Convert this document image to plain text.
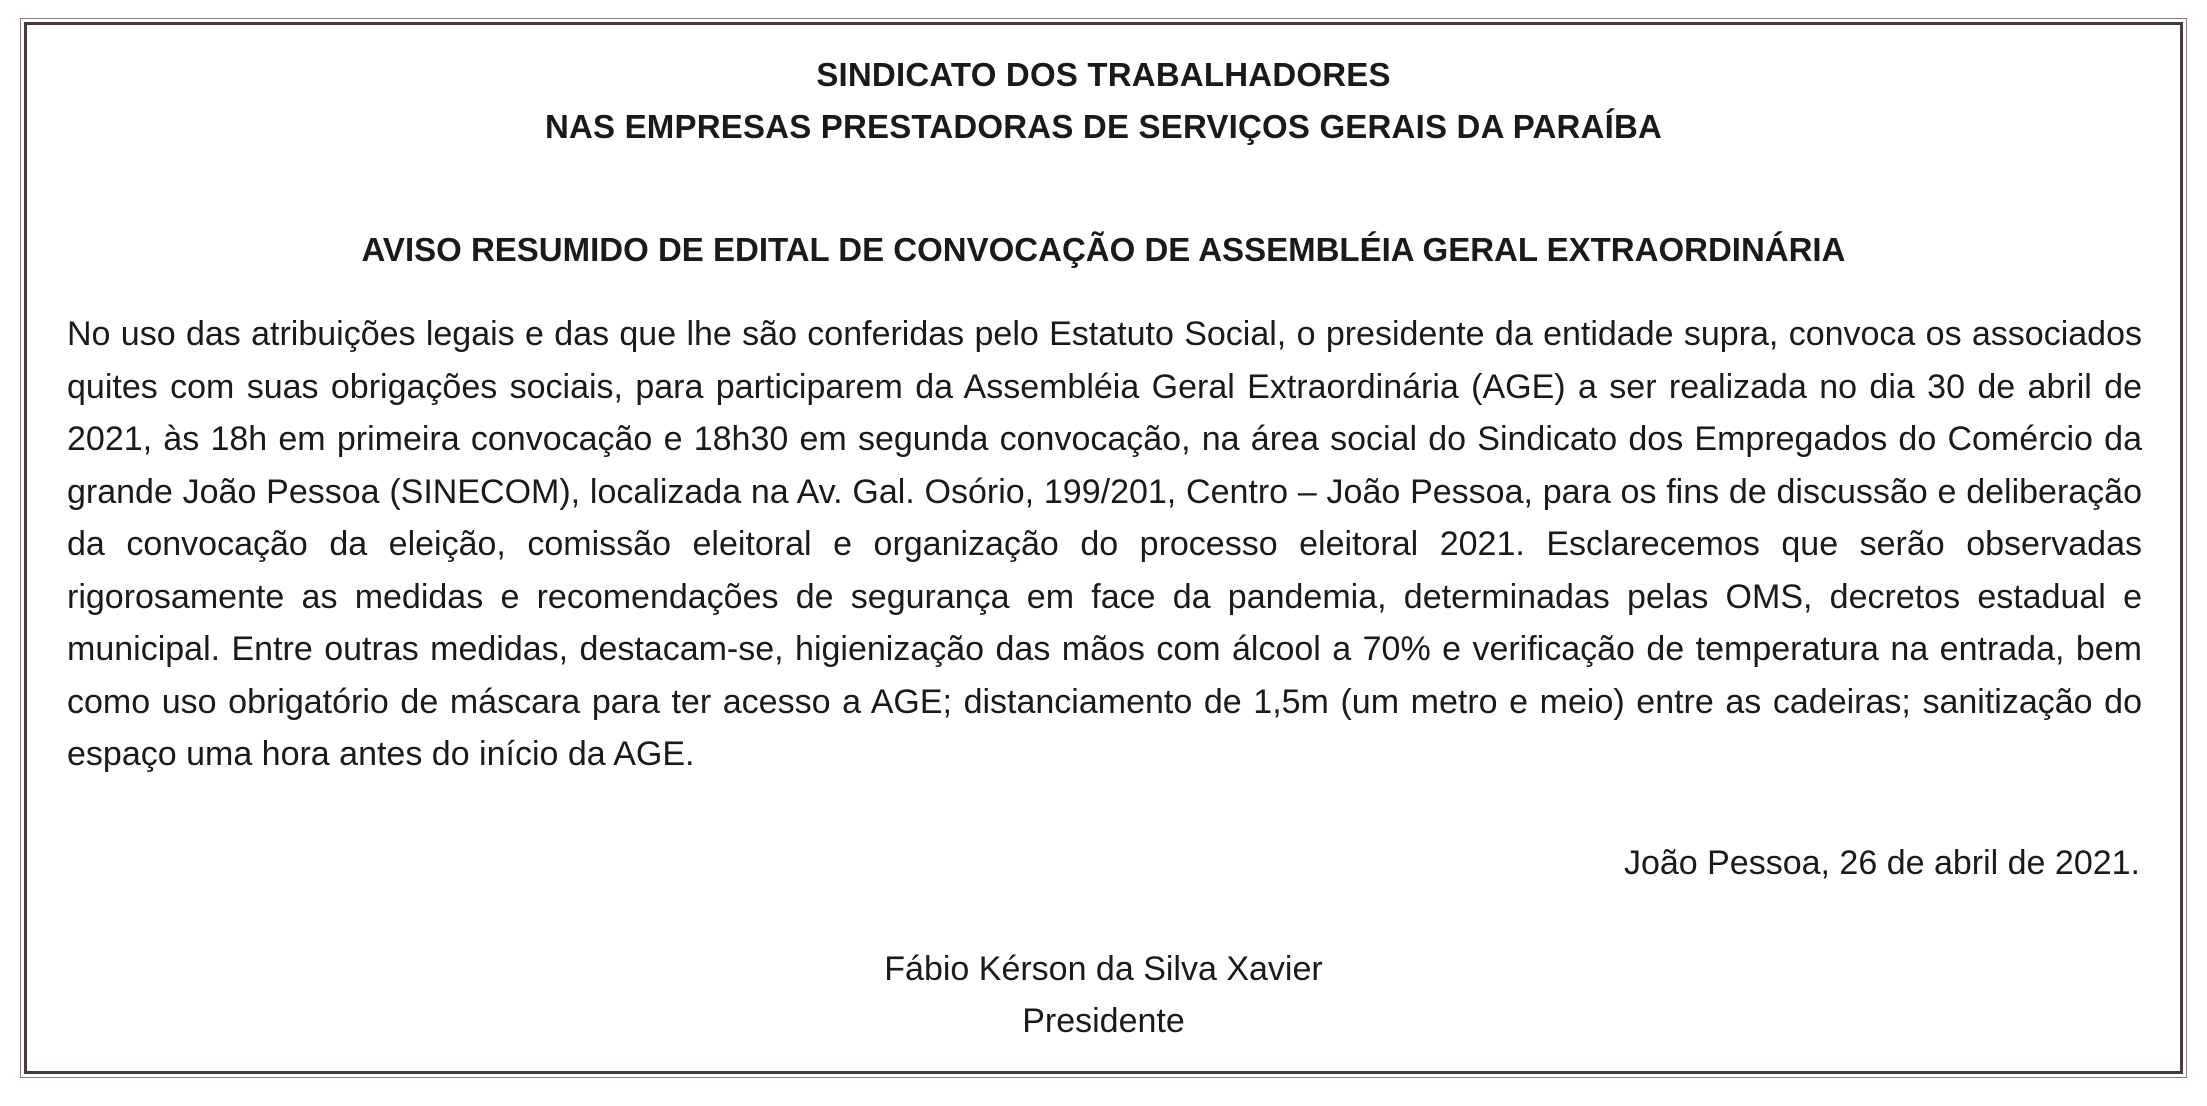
SINDICATO DOS TRABALHADORES
NAS EMPRESAS PRESTADORAS DE SERVIÇOS GERAIS DA PARAÍBA
AVISO RESUMIDO DE EDITAL DE CONVOCAÇÃO DE ASSEMBLÉIA GERAL EXTRAORDINÁRIA

No uso das atribuições legais e das que lhe são conferidas pelo Estatuto Social, o presidente da entidade supra, convoca os associados quites com suas obrigações sociais, para participarem da Assembléia Geral Extraordinária (AGE) a ser realizada no dia 30 de abril de 2021, às 18h em primeira convocação e 18h30 em segunda convocação, na área social do Sindicato dos Empregados do Comércio da grande João Pessoa (SINECOM), localizada na Av. Gal. Osório, 199/201, Centro – João Pessoa, para os fins de discussão e deliberação da convocação da eleição, comissão eleitoral e organização do processo eleitoral 2021. Esclarecemos que serão observadas rigorosamente as medidas e recomendações de segurança em face da pandemia, determinadas pelas OMS, decretos estadual e municipal. Entre outras medidas, destacam-se, higienização das mãos com álcool a 70% e verificação de temperatura na entrada, bem como uso obrigatório de máscara para ter acesso a AGE; distanciamento de 1,5m (um metro e meio) entre as cadeiras; sanitização do espaço uma hora antes do início da AGE.

João Pessoa, 26 de abril de 2021.
Fábio Kérson da Silva Xavier
Presidente
